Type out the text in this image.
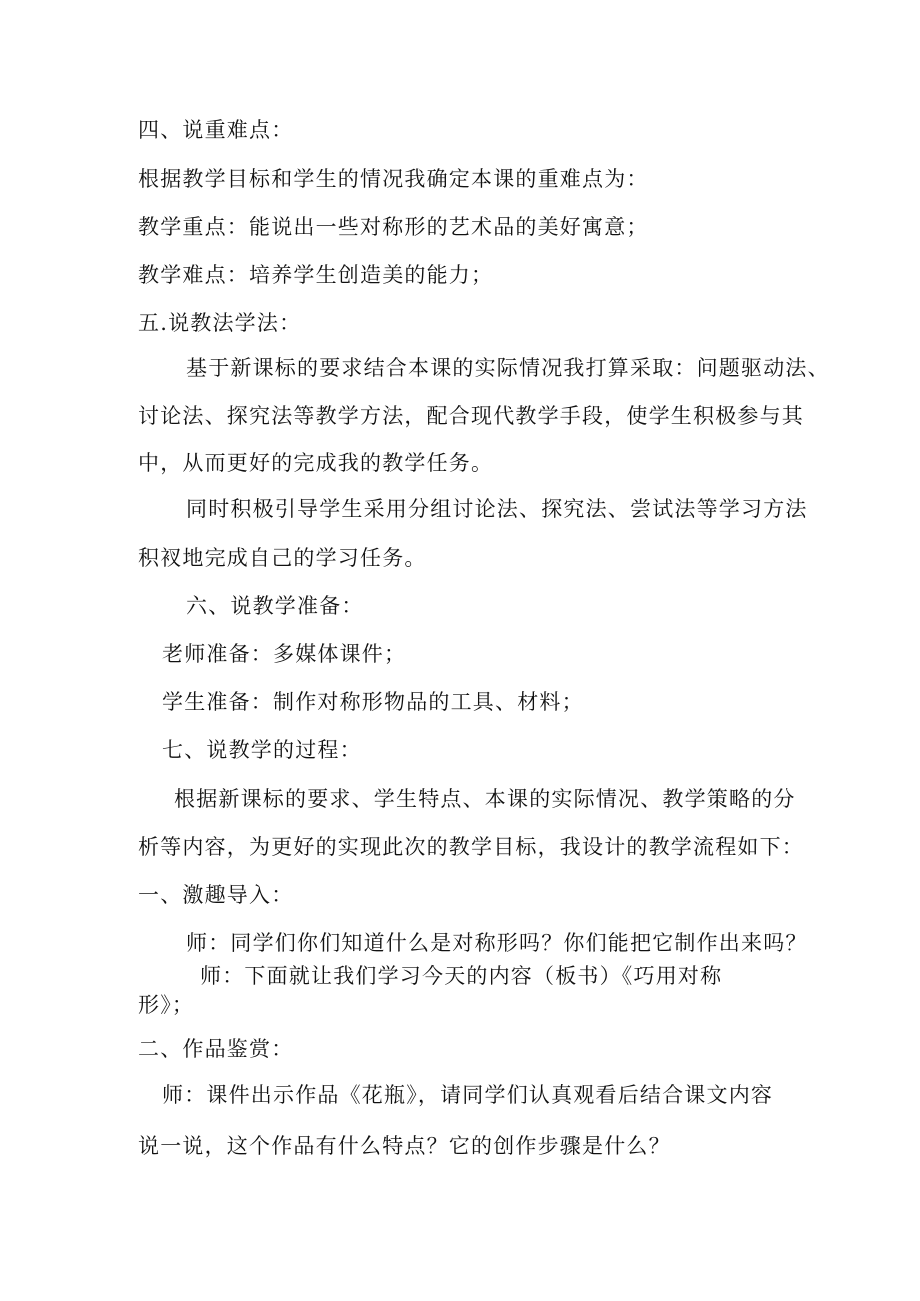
四、说重难点：
根据教学目标和学生的情况我确定本课的重难点为：
教学重点：能说出一些对称形的艺术品的美好寓意；
教学难点：培养学生创造美的能力；
五.说教法学法：
基于新课标的要求结合本课的实际情况我打算采取：问题驱动法、
讨论法、探究法等教学方法，配合现代教学手段，使学生积极参与其
中，从而更好的完成我的教学任务。
同时积极引导学生采用分组讨论法、探究法、尝试法等学习方法
积衩地完成自己的学习任务。
六、说教学准备：
老师准备：多媒体课件；
学生准备：制作对称形物品的工具、材料；
七、说教学的过程：
根据新课标的要求、学生特点、本课的实际情况、教学策略的分
析等内容，为更好的实现此次的教学目标，我设计的教学流程如下：
一、激趣导入：
师：同学们你们知道什么是对称形吗？你们能把它制作出来吗？
师：下面就让我们学习今天的内容（板书）《巧用对称
形》；
二、作品鉴赏：
师：课件出示作品《花瓶》，请同学们认真观看后结合课文内容
说一说，这个作品有什么特点？它的创作步骤是什么？
